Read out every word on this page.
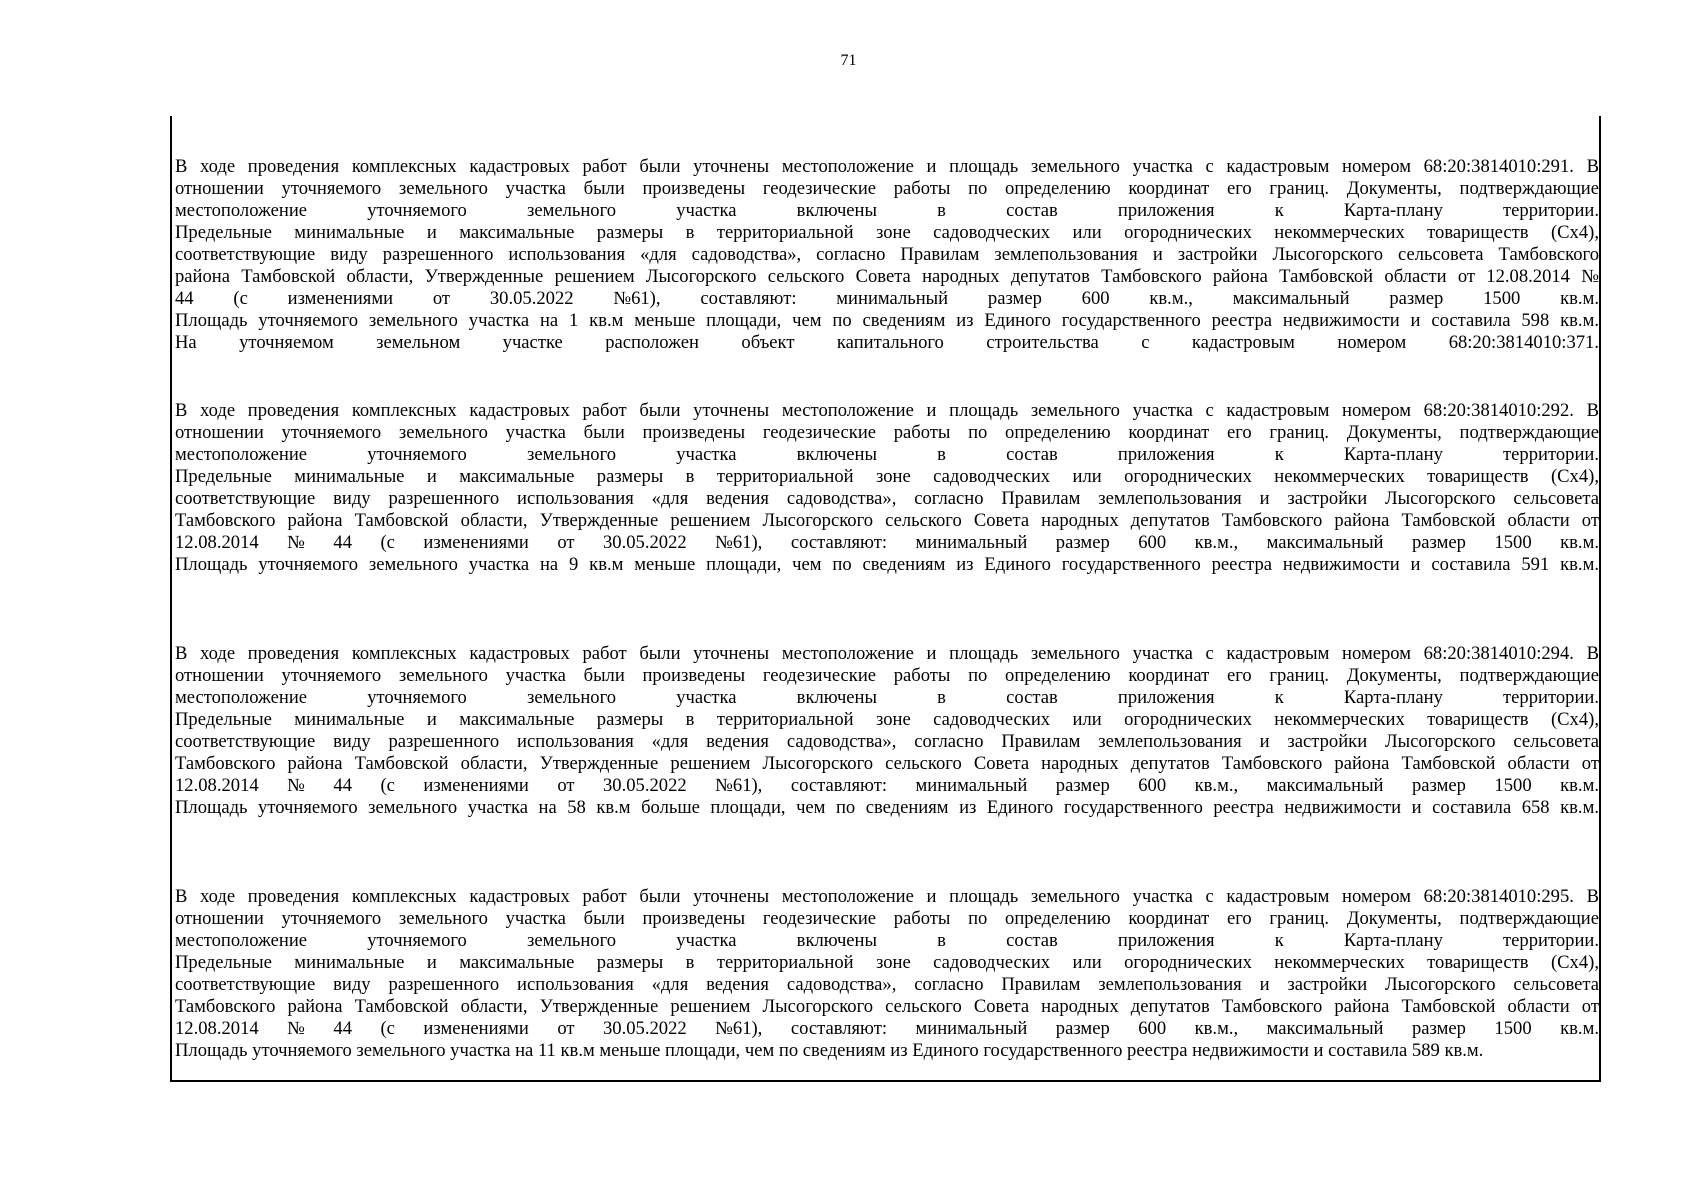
71
В ходе проведения комплексных кадастровых работ были уточнены местоположение и площадь земельного участка с кадастровым номером 68:20:3814010:291. В
отношении уточняемого земельного участка были произведены геодезические работы по определению координат его границ. Документы, подтверждающие
местоположение уточняемого земельного участка включены в состав приложения к Карта-плану территории.
Предельные минимальные и максимальные размеры в территориальной зоне садоводческих или огороднических некоммерческих товариществ (Сх4),
соответствующие виду разрешенного использования «для садоводства», согласно Правилам землепользования и застройки Лысогорского сельсовета Тамбовского
района Тамбовской области, Утвержденные решением Лысогорского сельского Совета народных депутатов Тамбовского района Тамбовской области от 12.08.2014 №
44 (с изменениями от 30.05.2022 №61), составляют: минимальный размер 600 кв.м., максимальный размер 1500 кв.м.
Площадь уточняемого земельного участка на 1 кв.м меньше площади, чем по сведениям из Единого государственного реестра недвижимости и составила 598 кв.м.
На уточняемом земельном участке расположен объект капитального строительства с кадастровым номером 68:20:3814010:371.
В ходе проведения комплексных кадастровых работ были уточнены местоположение и площадь земельного участка с кадастровым номером 68:20:3814010:292. В
отношении уточняемого земельного участка были произведены геодезические работы по определению координат его границ. Документы, подтверждающие
местоположение уточняемого земельного участка включены в состав приложения к Карта-плану территории.
Предельные минимальные и максимальные размеры в территориальной зоне садоводческих или огороднических некоммерческих товариществ (Сх4),
соответствующие виду разрешенного использования «для ведения садоводства», согласно Правилам землепользования и застройки Лысогорского сельсовета
Тамбовского района Тамбовской области, Утвержденные решением Лысогорского сельского Совета народных депутатов Тамбовского района Тамбовской области от
12.08.2014 № 44 (с изменениями от 30.05.2022 №61), составляют: минимальный размер 600 кв.м., максимальный размер 1500 кв.м.
Площадь уточняемого земельного участка на 9 кв.м меньше площади, чем по сведениям из Единого государственного реестра недвижимости и составила 591 кв.м.
В ходе проведения комплексных кадастровых работ были уточнены местоположение и площадь земельного участка с кадастровым номером 68:20:3814010:294. В
отношении уточняемого земельного участка были произведены геодезические работы по определению координат его границ. Документы, подтверждающие
местоположение уточняемого земельного участка включены в состав приложения к Карта-плану территории.
Предельные минимальные и максимальные размеры в территориальной зоне садоводческих или огороднических некоммерческих товариществ (Сх4),
соответствующие виду разрешенного использования «для ведения садоводства», согласно Правилам землепользования и застройки Лысогорского сельсовета
Тамбовского района Тамбовской области, Утвержденные решением Лысогорского сельского Совета народных депутатов Тамбовского района Тамбовской области от
12.08.2014 № 44 (с изменениями от 30.05.2022 №61), составляют: минимальный размер 600 кв.м., максимальный размер 1500 кв.м.
Площадь уточняемого земельного участка на 58 кв.м больше площади, чем по сведениям из Единого государственного реестра недвижимости и составила 658 кв.м.
В ходе проведения комплексных кадастровых работ были уточнены местоположение и площадь земельного участка с кадастровым номером 68:20:3814010:295. В
отношении уточняемого земельного участка были произведены геодезические работы по определению координат его границ. Документы, подтверждающие
местоположение уточняемого земельного участка включены в состав приложения к Карта-плану территории.
Предельные минимальные и максимальные размеры в территориальной зоне садоводческих или огороднических некоммерческих товариществ (Сх4),
соответствующие виду разрешенного использования «для ведения садоводства», согласно Правилам землепользования и застройки Лысогорского сельсовета
Тамбовского района Тамбовской области, Утвержденные решением Лысогорского сельского Совета народных депутатов Тамбовского района Тамбовской области от
12.08.2014 № 44 (с изменениями от 30.05.2022 №61), составляют: минимальный размер 600 кв.м., максимальный размер 1500 кв.м.
Площадь уточняемого земельного участка на 11 кв.м меньше площади, чем по сведениям из Единого государственного реестра недвижимости и составила 589 кв.м.
